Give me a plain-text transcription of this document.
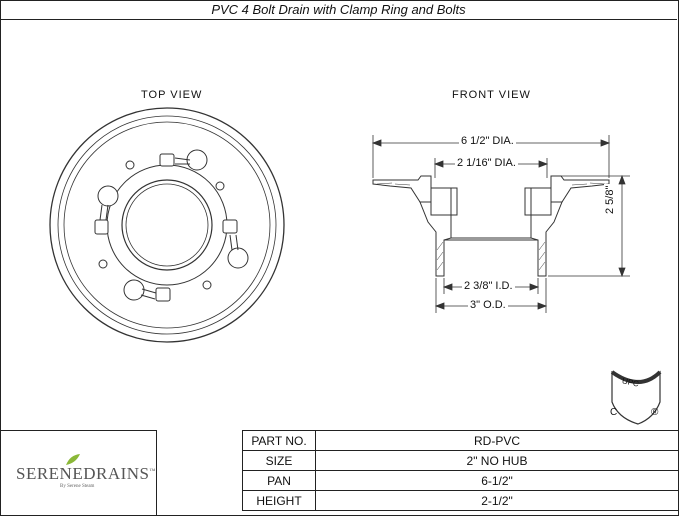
PVC 4 Bolt Drain with Clamp Ring and Bolts
TOP VIEW	FRONT VIEW
6 1/2" DIA.
2 1/16" DIA.
2 5/8"
2 3/8" I.D.
3" O.D.
UPC
C	®
SERENEDRAINS™
By Serene Steam
PART NO.	RD-PVC
SIZE	2" NO HUB
PAN	6-1/2"
HEIGHT	2-1/2"
